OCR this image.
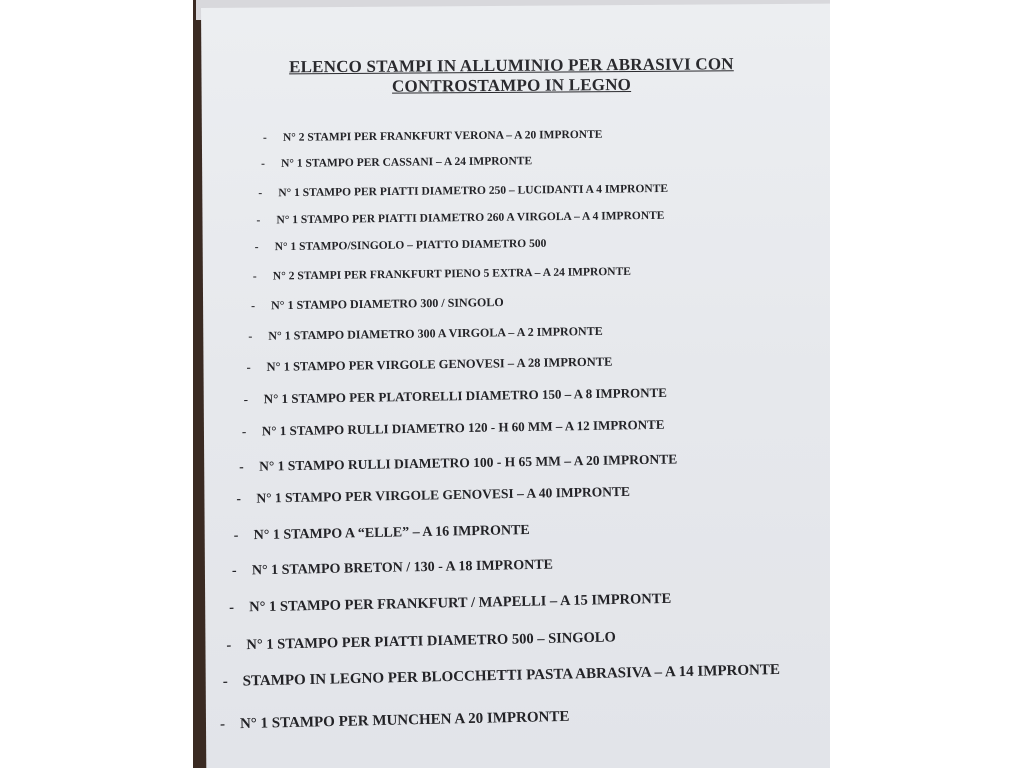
ELENCO STAMPI IN ALLUMINIO PER ABRASIVI CON
CONTROSTAMPO IN LEGNO
- N° 2 STAMPI PER FRANKFURT VERONA – A 20 IMPRONTE
- N° 1 STAMPO PER CASSANI – A 24 IMPRONTE
- N° 1 STAMPO PER PIATTI DIAMETRO 250 – LUCIDANTI A 4 IMPRONTE
- N° 1 STAMPO PER PIATTI DIAMETRO 260 A VIRGOLA – A 4 IMPRONTE
- N° 1 STAMPO/SINGOLO – PIATTO DIAMETRO 500
- N° 2 STAMPI PER FRANKFURT PIENO 5 EXTRA – A 24 IMPRONTE
- N° 1 STAMPO DIAMETRO 300 / SINGOLO
- N° 1 STAMPO DIAMETRO 300 A VIRGOLA – A 2 IMPRONTE
- N° 1 STAMPO PER VIRGOLE GENOVESI – A 28 IMPRONTE
- N° 1 STAMPO PER PLATORELLI DIAMETRO 150 – A 8 IMPRONTE
- N° 1 STAMPO RULLI DIAMETRO 120 - H 60 MM – A 12 IMPRONTE
- N° 1 STAMPO RULLI DIAMETRO 100 - H 65 MM – A 20 IMPRONTE
- N° 1 STAMPO PER VIRGOLE GENOVESI – A 40 IMPRONTE
- N° 1 STAMPO A “ELLE” – A 16 IMPRONTE
- N° 1 STAMPO BRETON / 130 - A 18 IMPRONTE
- N° 1 STAMPO PER FRANKFURT / MAPELLI – A 15 IMPRONTE
- N° 1 STAMPO PER PIATTI DIAMETRO 500 – SINGOLO
- STAMPO IN LEGNO PER BLOCCHETTI PASTA ABRASIVA – A 14 IMPRONTE
- N° 1 STAMPO PER MUNCHEN A 20 IMPRONTE
